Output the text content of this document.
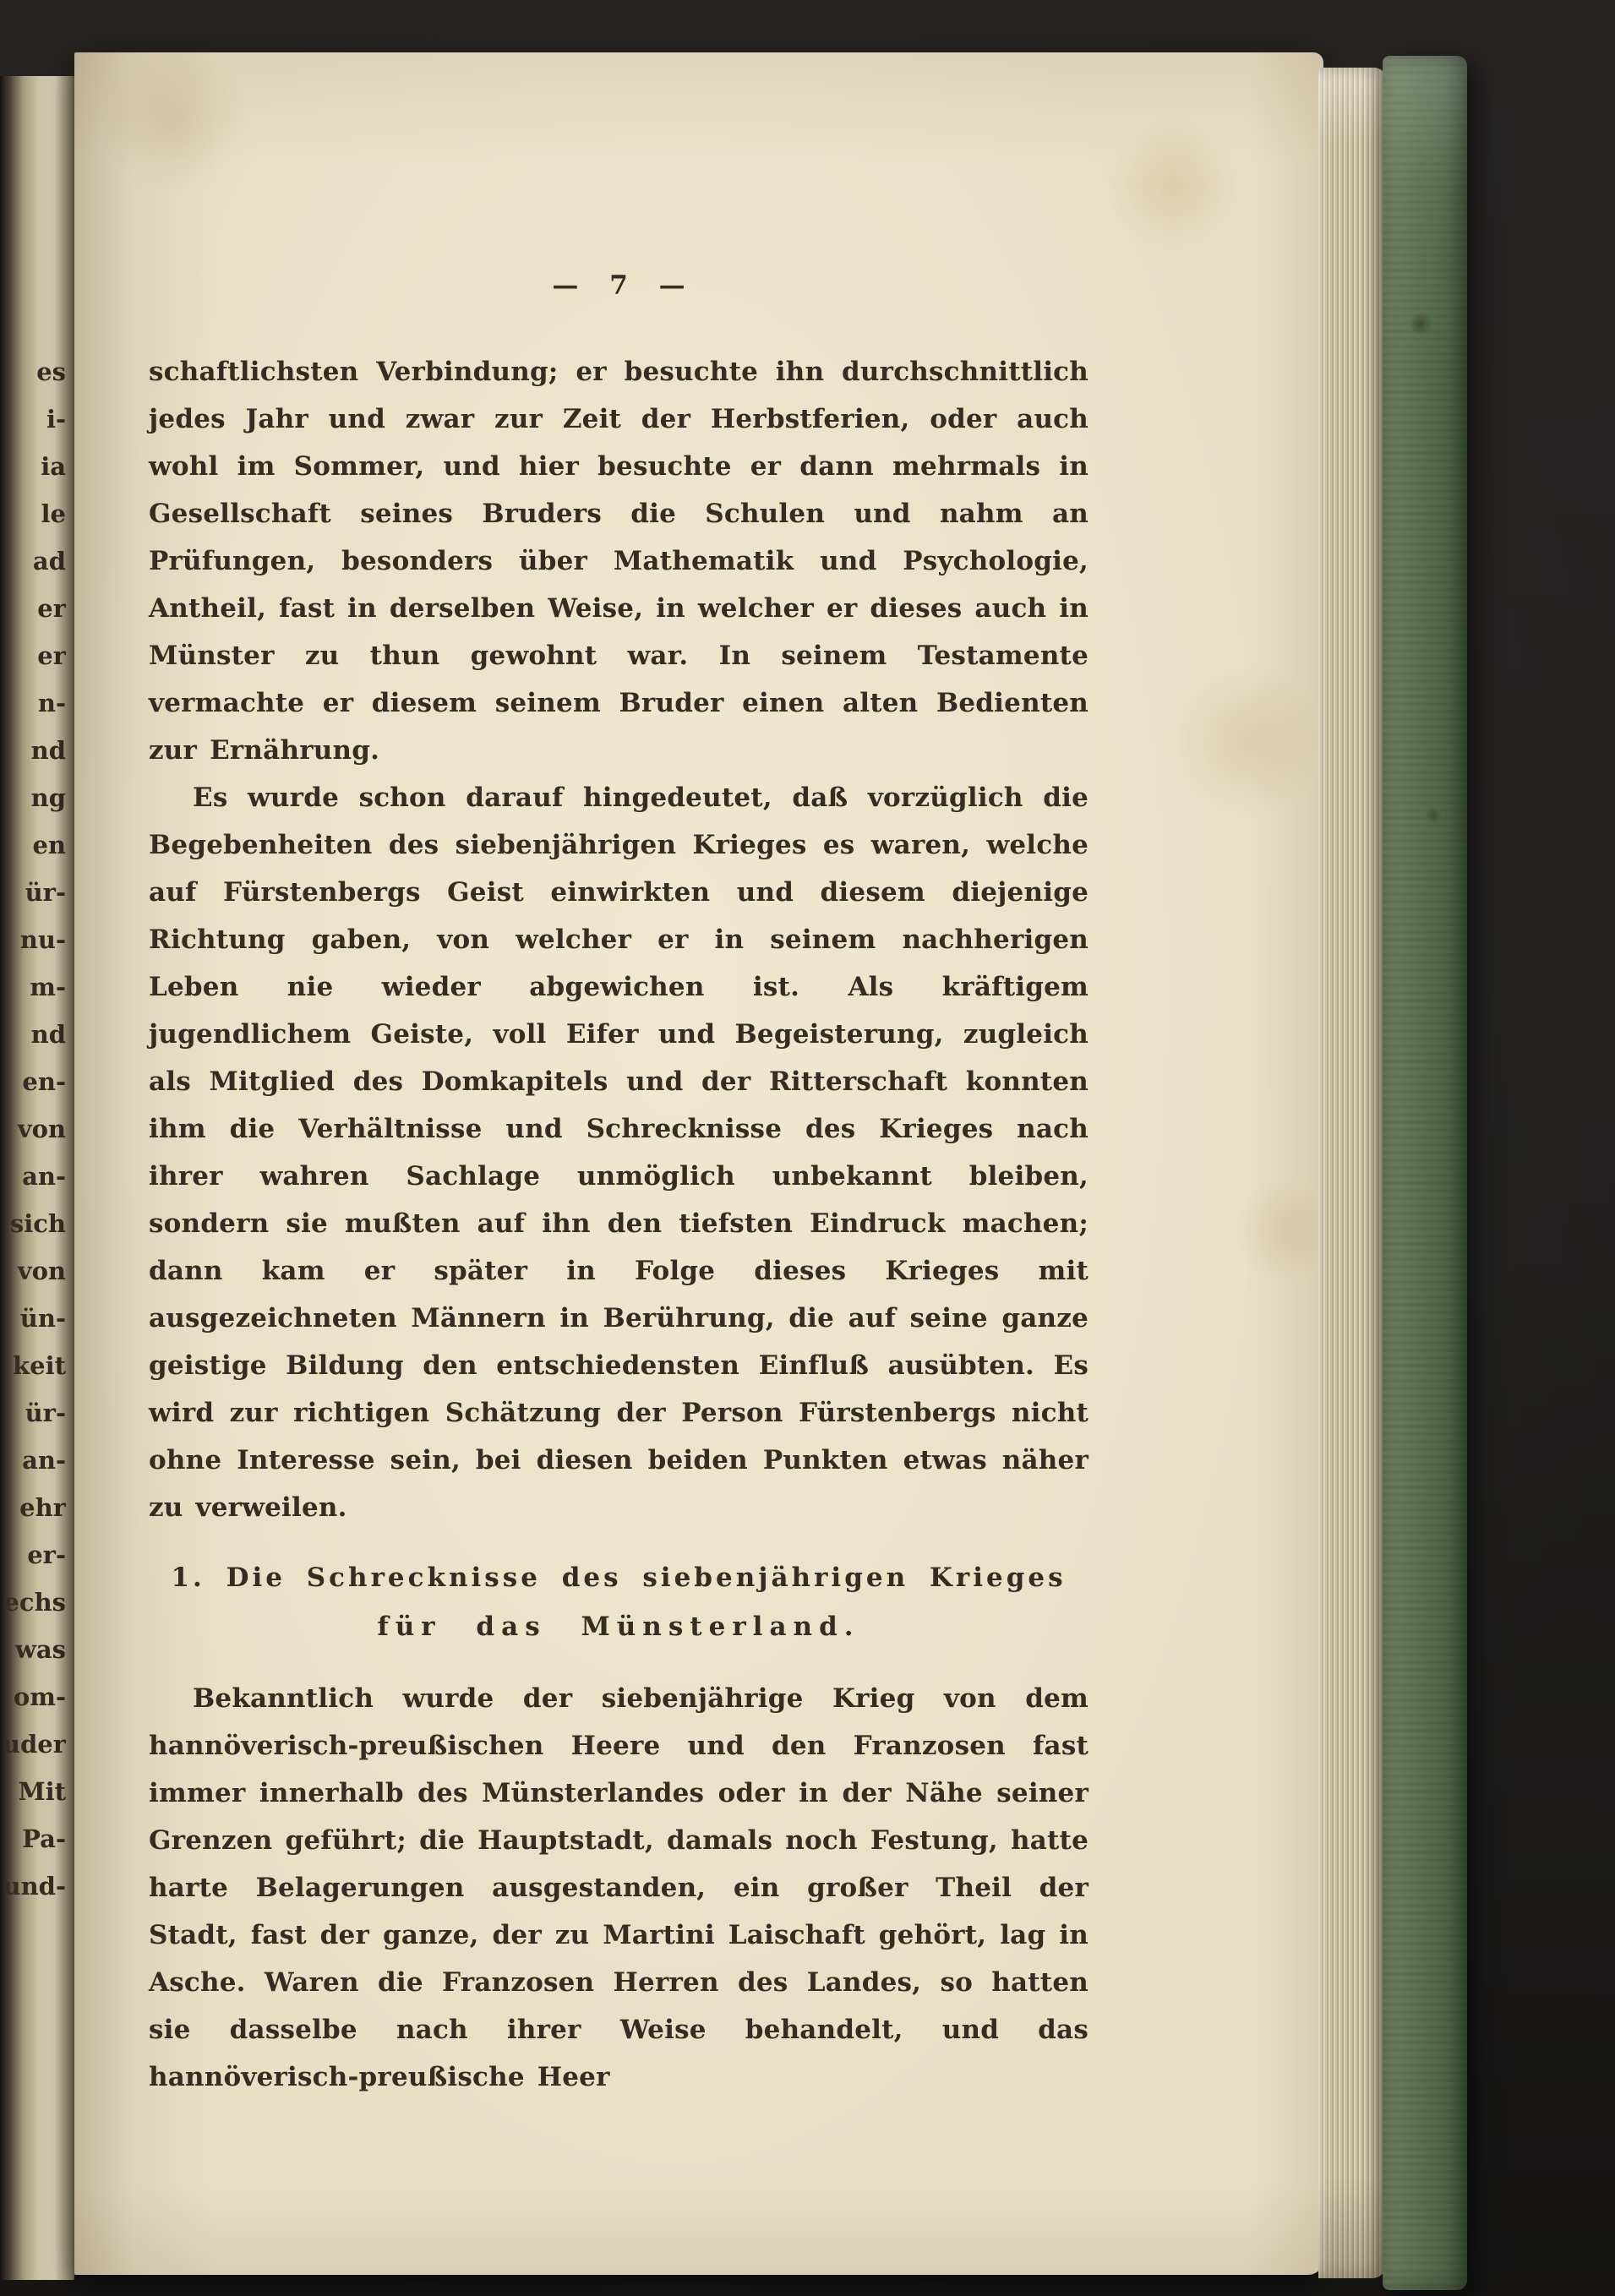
es
i-
ia
le
ad
er
er
n-
nd
ng
en
ür-
nu-
m-
nd
en-
von
an-
sich
von
ün-
keit
ür-
an-
ehr
er-
echs
was
om-
uder
Mit
Pa-
und-
— 7 —

schaftlichsten Verbindung; er besuchte ihn durchschnittlich jedes Jahr und zwar zur Zeit der Herbstferien, oder auch wohl im Sommer, und hier besuchte er dann mehrmals in Gesellschaft seines Bruders die Schulen und nahm an Prüfungen, besonders über Mathematik und Psychologie, Antheil, fast in derselben Weise, in welcher er dieses auch in Münster zu thun gewohnt war. In seinem Testamente vermachte er diesem seinem Bruder einen alten Bedienten zur Ernährung.

Es wurde schon darauf hingedeutet, daß vorzüglich die Begebenheiten des siebenjährigen Krieges es waren, welche auf Fürstenbergs Geist einwirkten und diesem diejenige Richtung gaben, von welcher er in seinem nachherigen Leben nie wieder abgewichen ist. Als kräftigem jugendlichem Geiste, voll Eifer und Begeisterung, zugleich als Mitglied des Domkapitels und der Ritterschaft konnten ihm die Verhältnisse und Schrecknisse des Krieges nach ihrer wahren Sachlage unmöglich unbekannt bleiben, sondern sie mußten auf ihn den tiefsten Eindruck machen; dann kam er später in Folge dieses Krieges mit ausgezeichneten Männern in Berührung, die auf seine ganze geistige Bildung den entschiedensten Einfluß ausübten. Es wird zur richtigen Schätzung der Person Fürstenbergs nicht ohne Interesse sein, bei diesen beiden Punkten etwas näher zu verweilen.

1. Die Schrecknisse des siebenjährigen Krieges
für das Münsterland.

Bekanntlich wurde der siebenjährige Krieg von dem hannöverisch-preußischen Heere und den Franzosen fast immer innerhalb des Münsterlandes oder in der Nähe seiner Grenzen geführt; die Hauptstadt, damals noch Festung, hatte harte Belagerungen ausgestanden, ein großer Theil der Stadt, fast der ganze, der zu Martini Laischaft gehört, lag in Asche. Waren die Franzosen Herren des Landes, so hatten sie dasselbe nach ihrer Weise behandelt, und das hannöverisch-preußische Heer
